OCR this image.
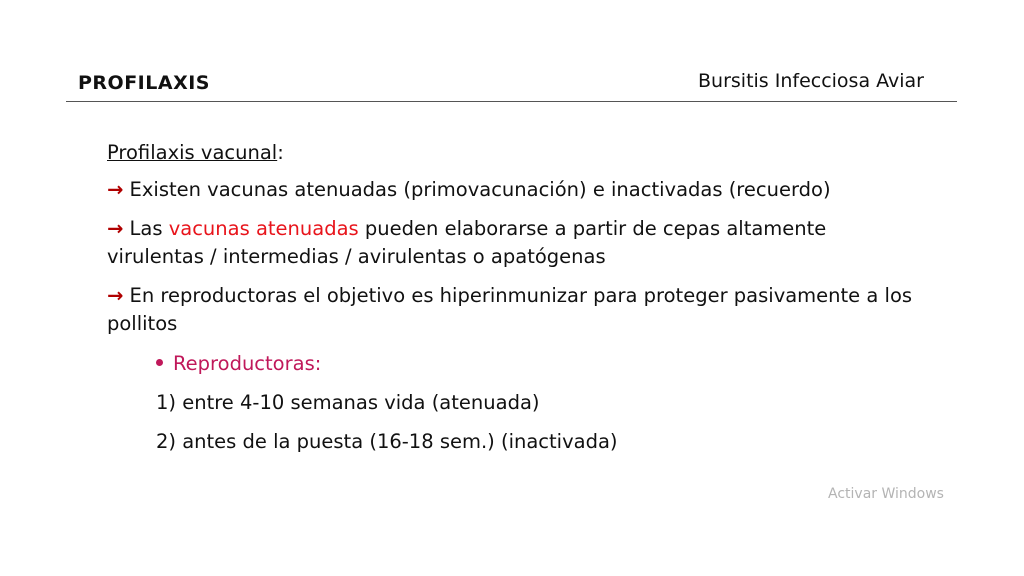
PROFILAXIS	Bursitis Infecciosa Aviar
Profilaxis vacunal:
→ Existen vacunas atenuadas (primovacunación) e inactivadas (recuerdo)
→ Las vacunas atenuadas pueden elaborarse a partir de cepas altamente virulentas / intermedias / avirulentas o apatógenas
→ En reproductoras el objetivo es hiperinmunizar para proteger pasivamente a los pollitos
Reproductoras:
1) entre 4-10 semanas vida (atenuada)
2) antes de la puesta (16-18 sem.) (inactivada)
Activar Windows
